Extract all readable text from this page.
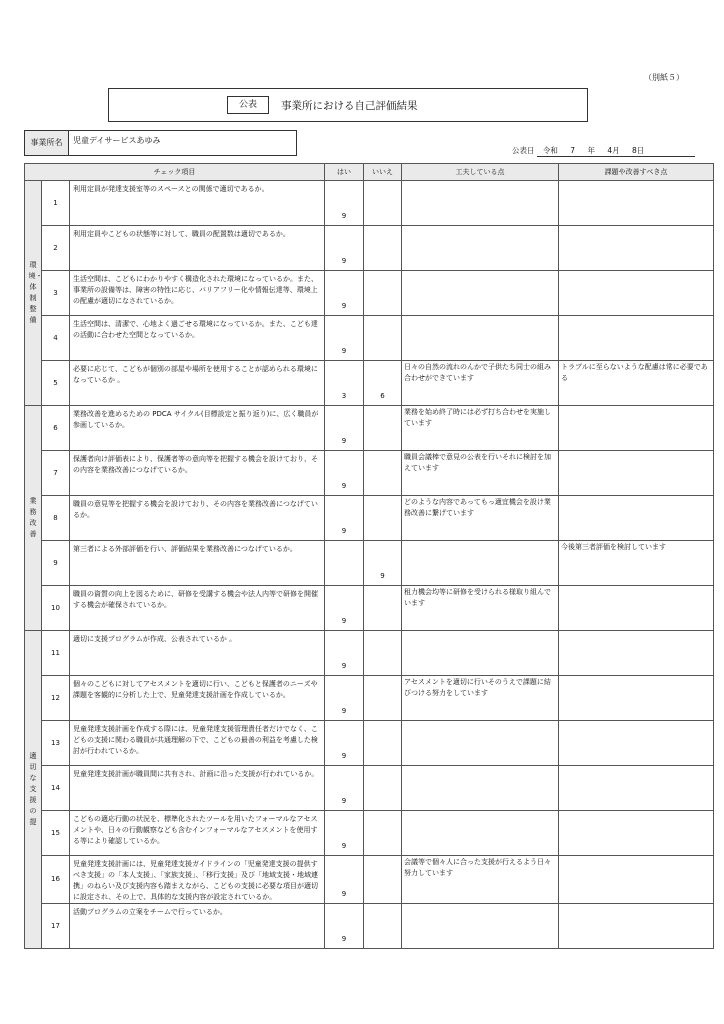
（別紙５）
公表	事業所における自己評価結果
事業所名	児童デイサービスあゆみ
公表日 令和 7 年 4月 8日
チェック項目			はい	いいえ	工夫している点	課題や改善すべき点
環境・体制整備	1	利用定員が発達支援室等のスペースとの関係で適切であるか。	9			

	2	利用定員やこどもの状態等に対して、職員の配置数は適切であるか。	9			

	3	生活空間は、こどもにわかりやすく構造化された環境になっているか。また、事業所の設備等は、障害の特性に応じ、バリアフリー化や情報伝達等、環境上の配慮が適切になされているか。	9			

	4	生活空間は、清潔で、心地よく過ごせる環境になっているか。また、こども達の活動に合わせた空間となっているか。	9			

	5	必要に応じて、こどもが個別の部屋や場所を使用することが認められる環境になっているか 。	3	6	日々の自然の流れのんかで子供たち同士の組み合わせができています	トラブルに至らないような配慮は常に必要である
業務改善	6	業務改善を進めるための PDCA サイクル(目標設定と振り返り)に、広く職員が参画しているか。	9		業務を始め終了時には必ず打ち合わせを実施しています	
	7	保護者向け評価表により、保護者等の意向等を把握する機会を設けており、その内容を業務改善につなげているか。	9		職員会議棒で意見の公表を行いそれに検討を加えています	
	8	職員の意見等を把握する機会を設けており、その内容を業務改善につなげているか。	9		どのような内容であってもっ適宜機会を設け業務改善に繋げています	
	9	第三者による外部評価を行い、評価結果を業務改善につなげているか。		9		今後第三者評価を検討しています
	10	職員の資質の向上を図るために、研修を受講する機会や法人内等で研修を開催する機会が確保されているか。	9		租力機会均等に研修を受けられる様取り組んでいます	
適切な支援の提	11	適切に支援プログラムが作成、公表されているか 。	9			

	12	個々のこどもに対してアセスメントを適切に行い、こどもと保護者のニーズや課題を客観的に分析した上で、児童発達支援計画を作成しているか。	9		アセスメントを適切に行いそのうえで課題に結びつける努力をしています	
	13	児童発達支援計画を作成する際には、児童発達支援管理責任者だけでなく、こどもの支援に関わる職員が共通理解の下で、こどもの最善の利益を考慮した検討が行われているか。	9			

	14	児童発達支援計画が職員間に共有され、計画に沿った支援が行われているか。	9			

	15	こどもの適応行動の状況を、標準化されたツールを用いたフォーマルなアセスメントや、日々の行動観察なども含むインフォーマルなアセスメントを使用する等により確認しているか。	9			

	16	児童発達支援計画には、児童発達支援ガイドラインの「児童発達支援の提供すべき支援」の「本人支援」、「家族支援」、「移行支援」及び「地域支援・地域連携」のねらい及び支援内容も踏まえながら、こどもの支援に必要な項目が適切に設定され、その上で、具体的な支援内容が設定されているか。	9		会議等で個々人に合った支援が行えるよう日々努力しています	
	17	活動プログラムの立案をチームで行っているか。	9			
